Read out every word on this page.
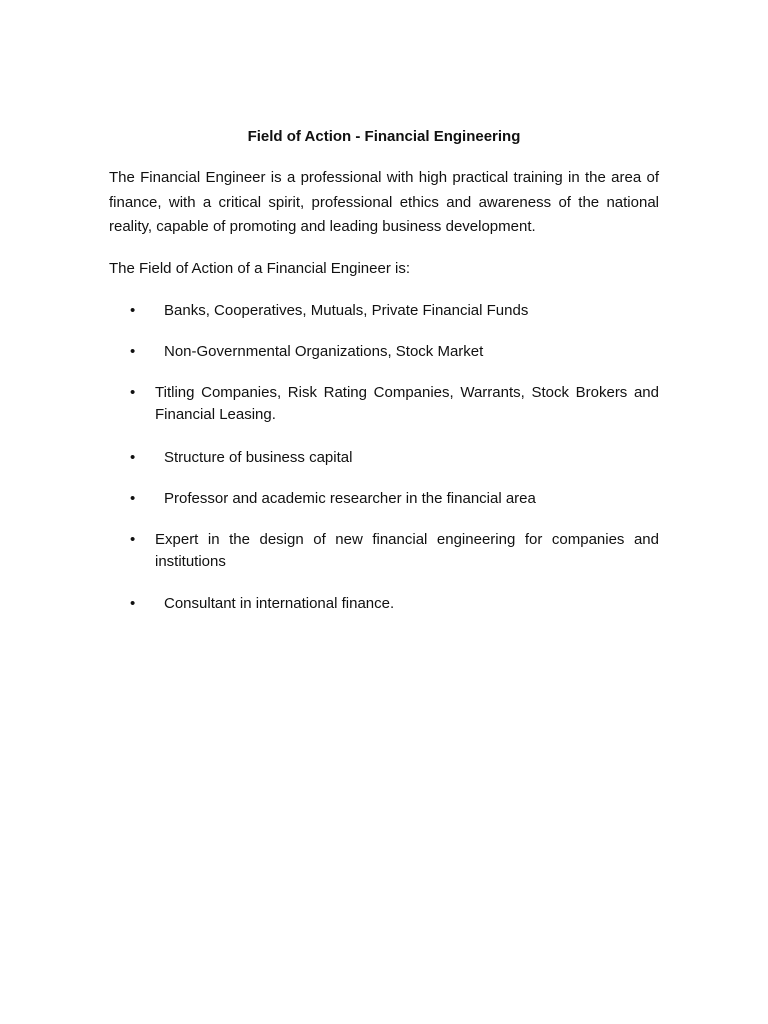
Field of Action - Financial Engineering

The Financial Engineer is a professional with high practical training in the area of finance, with a critical spirit, professional ethics and awareness of the national reality, capable of promoting and leading business development.

The Field of Action of a Financial Engineer is:

• Banks, Cooperatives, Mutuals, Private Financial Funds
• Non-Governmental Organizations, Stock Market
• Titling Companies, Risk Rating Companies, Warrants, Stock Brokers and Financial Leasing.
• Structure of business capital
• Professor and academic researcher in the financial area
• Expert in the design of new financial engineering for companies and institutions
• Consultant in international finance.
